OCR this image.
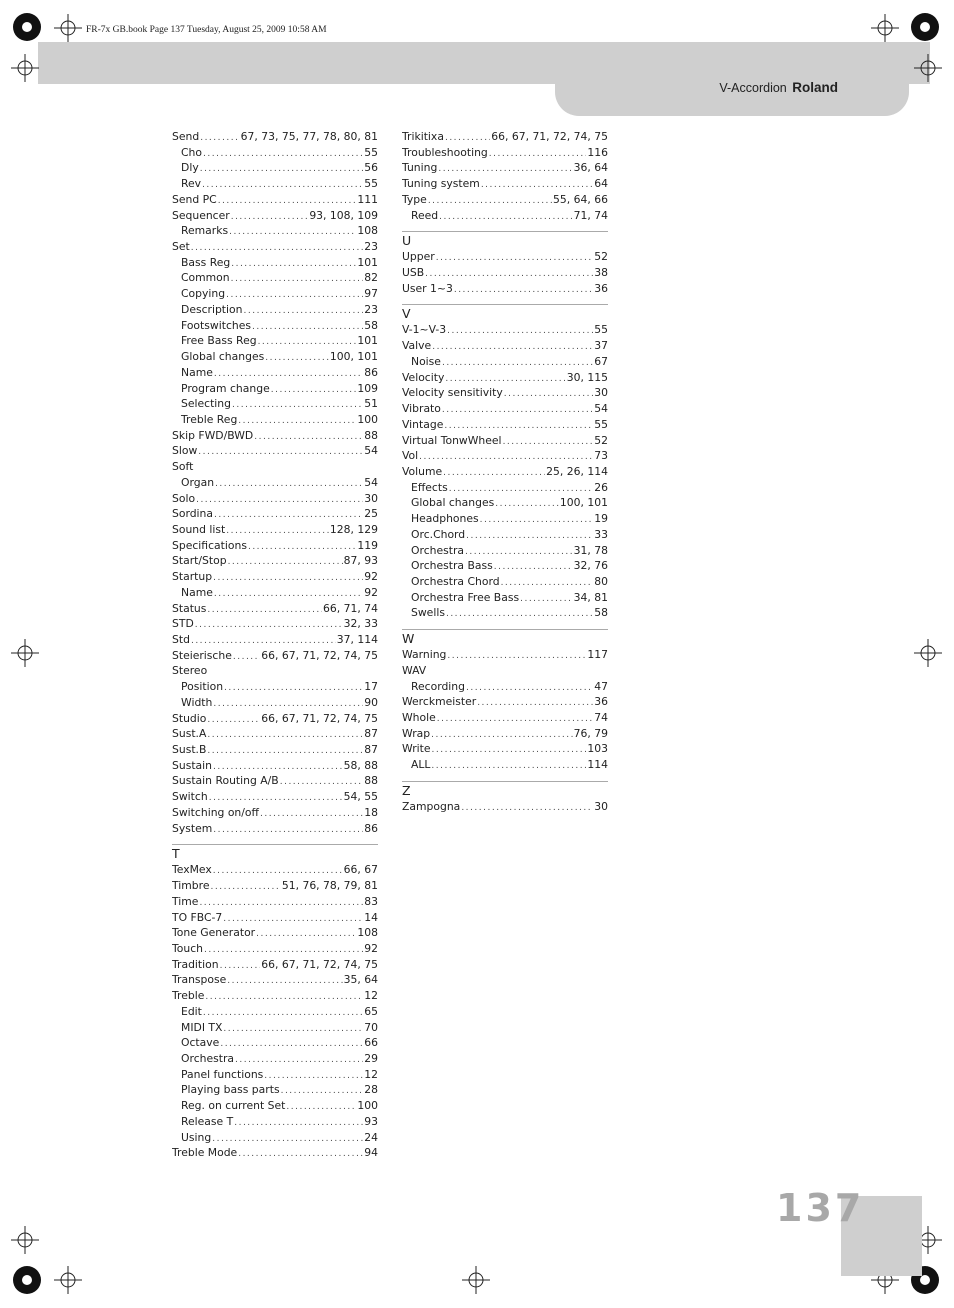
FR-7x GB.book Page 137 Tuesday, August 25, 2009 10:58 AM
V-Accordion Roland
Send .....	67, 73, 75, 77, 78, 80, 81
Cho .....	55
Dly .....	56
Rev .....	55
Send PC .....	111
Sequencer .....	93, 108, 109
Remarks .....	108
Set .....	23
Bass Reg .....	101
Common .....	82
Copying .....	97
Description .....	23
Footswitches .....	58
Free Bass Reg .....	101
Global changes .....	100, 101
Name .....	86
Program change .....	109
Selecting .....	51
Treble Reg .....	100
Skip FWD/BWD .....	88
Slow .....	54
Soft
Organ .....	54
Solo .....	30
Sordina .....	25
Sound list .....	128, 129
Specifications .....	119
Start/Stop .....	87, 93
Startup .....	92
Name .....	92
Status .....	66, 71, 74
STD .....	32, 33
Std .....	37, 114
Steierische .....	66, 67, 71, 72, 74, 75
Stereo
Position .....	17
Width .....	90
Studio .....	66, 67, 71, 72, 74, 75
Sust.A .....	87
Sust.B .....	87
Sustain .....	58, 88
Sustain Routing A/B .....	88
Switch .....	54, 55
Switching on/off .....	18
System .....	86
T
TexMex .....	66, 67
Timbre .....	51, 76, 78, 79, 81
Time .....	83
TO FBC-7 .....	14
Tone Generator .....	108
Touch .....	92
Tradition .....	66, 67, 71, 72, 74, 75
Transpose .....	35, 64
Treble .....	12
Edit .....	65
MIDI TX .....	70
Octave .....	66
Orchestra .....	29
Panel functions .....	12
Playing bass parts .....	28
Reg. on current Set .....	100
Release T .....	93
Using .....	24
Treble Mode .....	94
Trikitixa .....	66, 67, 71, 72, 74, 75
Troubleshooting .....	116
Tuning .....	36, 64
Tuning system .....	64
Type .....	55, 64, 66
Reed .....	71, 74
U
Upper .....	52
USB .....	38
User 1~3 .....	36
V
V-1~V-3 .....	55
Valve .....	37
Noise .....	67
Velocity .....	30, 115
Velocity sensitivity .....	30
Vibrato .....	54
Vintage .....	55
Virtual TonwWheel .....	52
Vol .....	73
Volume .....	25, 26, 114
Effects .....	26
Global changes .....	100, 101
Headphones .....	19
Orc.Chord .....	33
Orchestra .....	31, 78
Orchestra Bass .....	32, 76
Orchestra Chord .....	80
Orchestra Free Bass .....	34, 81
Swells .....	58
W
Warning .....	117
WAV
Recording .....	47
Werckmeister .....	36
Whole .....	74
Wrap .....	76, 79
Write .....	103
ALL .....	114
Z
Zampogna .....	30
137
